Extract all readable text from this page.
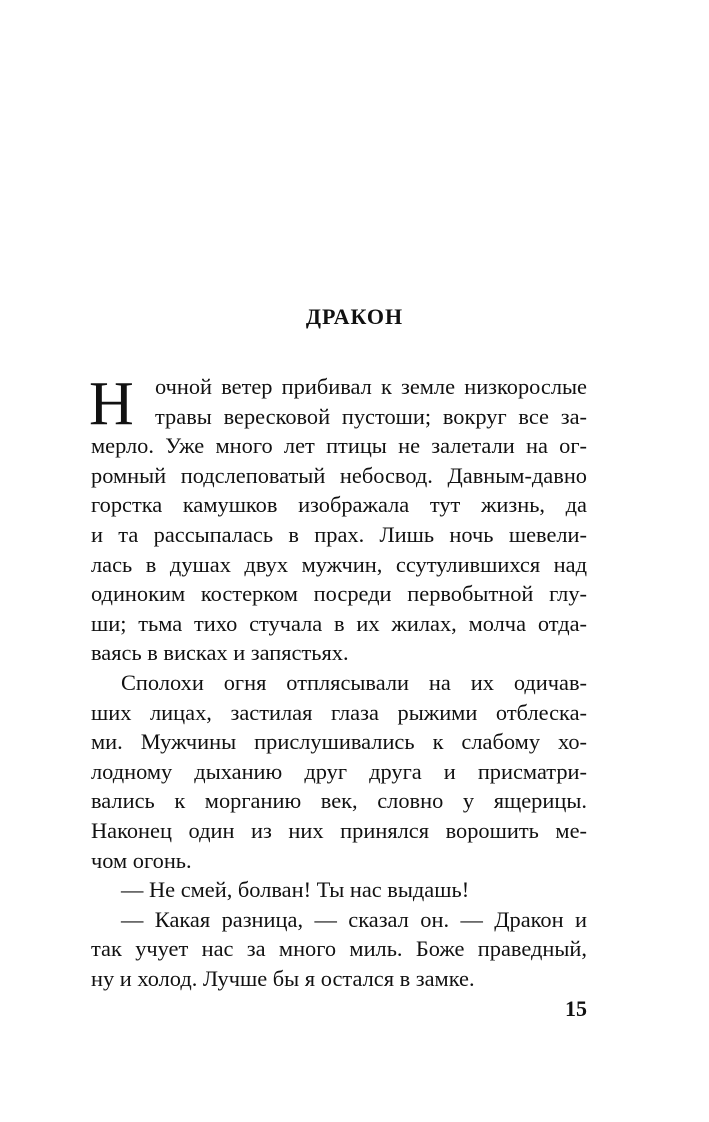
ДРАКОН
Н очной ветер прибивал к земле низкорослые
травы вересковой пустоши; вокруг все за-
мерло. Уже много лет птицы не залетали на ог-
ромный подслеповатый небосвод. Давным-давно
горстка камушков изображала тут жизнь, да
и та рассыпалась в прах. Лишь ночь шевели-
лась в душах двух мужчин, ссутулившихся над
одиноким костерком посреди первобытной глу-
ши; тьма тихо стучала в их жилах, молча отда-
ваясь в висках и запястьях.
Сполохи огня отплясывали на их одичав-
ших лицах, застилая глаза рыжими отблеска-
ми. Мужчины прислушивались к слабому хо-
лодному дыханию друг друга и присматри-
вались к морганию век, словно у ящерицы.
Наконец один из них принялся ворошить ме-
чом огонь.
— Не смей, болван! Ты нас выдашь!
— Какая разница, — сказал он. — Дракон и
так учует нас за много миль. Боже праведный,
ну и холод. Лучше бы я остался в замке.
15
